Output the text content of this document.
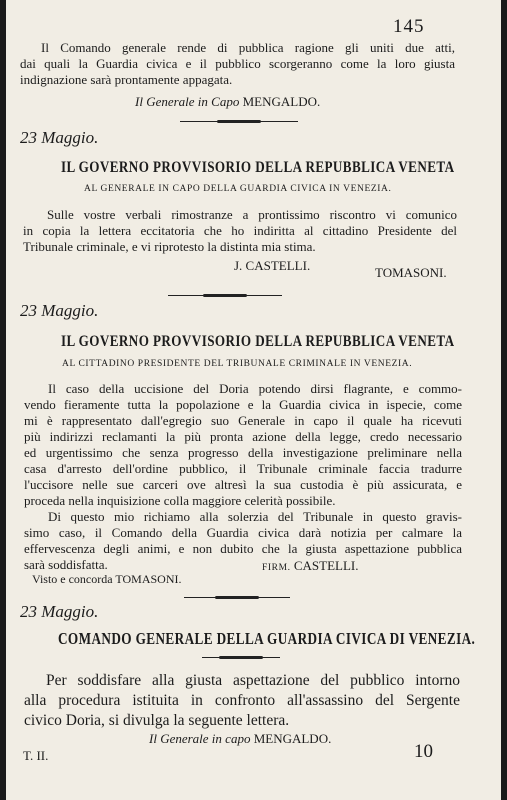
145
Il Comando generale rende di pubblica ragione gli uniti due atti,
dai quali la Guardia civica e il pubblico scorgeranno come la loro giusta
indignazione sarà prontamente appagata.
Il Generale in Capo MENGALDO.
23 Maggio.
IL GOVERNO PROVVISORIO DELLA REPUBBLICA VENETA
AL GENERALE IN CAPO DELLA GUARDIA CIVICA IN VENEZIA.
Sulle vostre verbali rimostranze a prontissimo riscontro vi comunico
in copia la lettera eccitatoria che ho indiritta al cittadino Presidente del
Tribunale criminale, e vi riprotesto la distinta mia stima.
J. CASTELLI.	TOMASONI.
23 Maggio.
IL GOVERNO PROVVISORIO DELLA REPUBBLICA VENETA
AL CITTADINO PRESIDENTE DEL TRIBUNALE CRIMINALE IN VENEZIA.
Il caso della uccisione del Doria potendo dirsi flagrante, e commo-
vendo fieramente tutta la popolazione e la Guardia civica in ispecie, come
mi è rappresentato dall'egregio suo Generale in capo il quale ha ricevuti
più indirizzi reclamanti la più pronta azione della legge, credo necessario
ed urgentissimo che senza progresso della investigazione preliminare nella
casa d'arresto dell'ordine pubblico, il Tribunale criminale faccia tradurre
l'uccisore nelle sue carceri ove altresì la sua custodia è più assicurata, e
proceda nella inquisizione colla maggiore celerità possibile.
Di questo mio richiamo alla solerzia del Tribunale in questo gravis-
simo caso, il Comando della Guardia civica darà notizia per calmare la
effervescenza degli animi, e non dubito che la giusta aspettazione pubblica
sarà soddisfatta.	FIRM. CASTELLI.
Visto e concorda TOMASONI.
23 Maggio.
COMANDO GENERALE DELLA GUARDIA CIVICA DI VENEZIA.
Per soddisfare alla giusta aspettazione del pubblico intorno
alla procedura istituita in confronto all'assassino del Sergente
civico Doria, si divulga la seguente lettera.
Il Generale in capo MENGALDO.
T. II.	10
